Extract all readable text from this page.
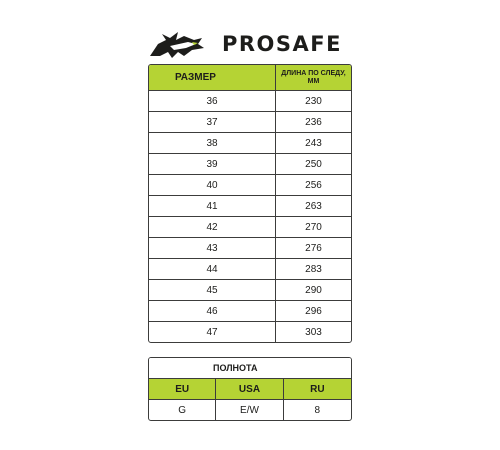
PROSAFE
РАЗМЕР	ДЛИНА ПО СЛЕДУ,
ММ
36	230
37	236
38	243
39	250
40	256
41	263
42	270
43	276
44	283
45	290
46	296
47	303
ПОЛНОТА		
EU	USA	RU
G	E/W	8
